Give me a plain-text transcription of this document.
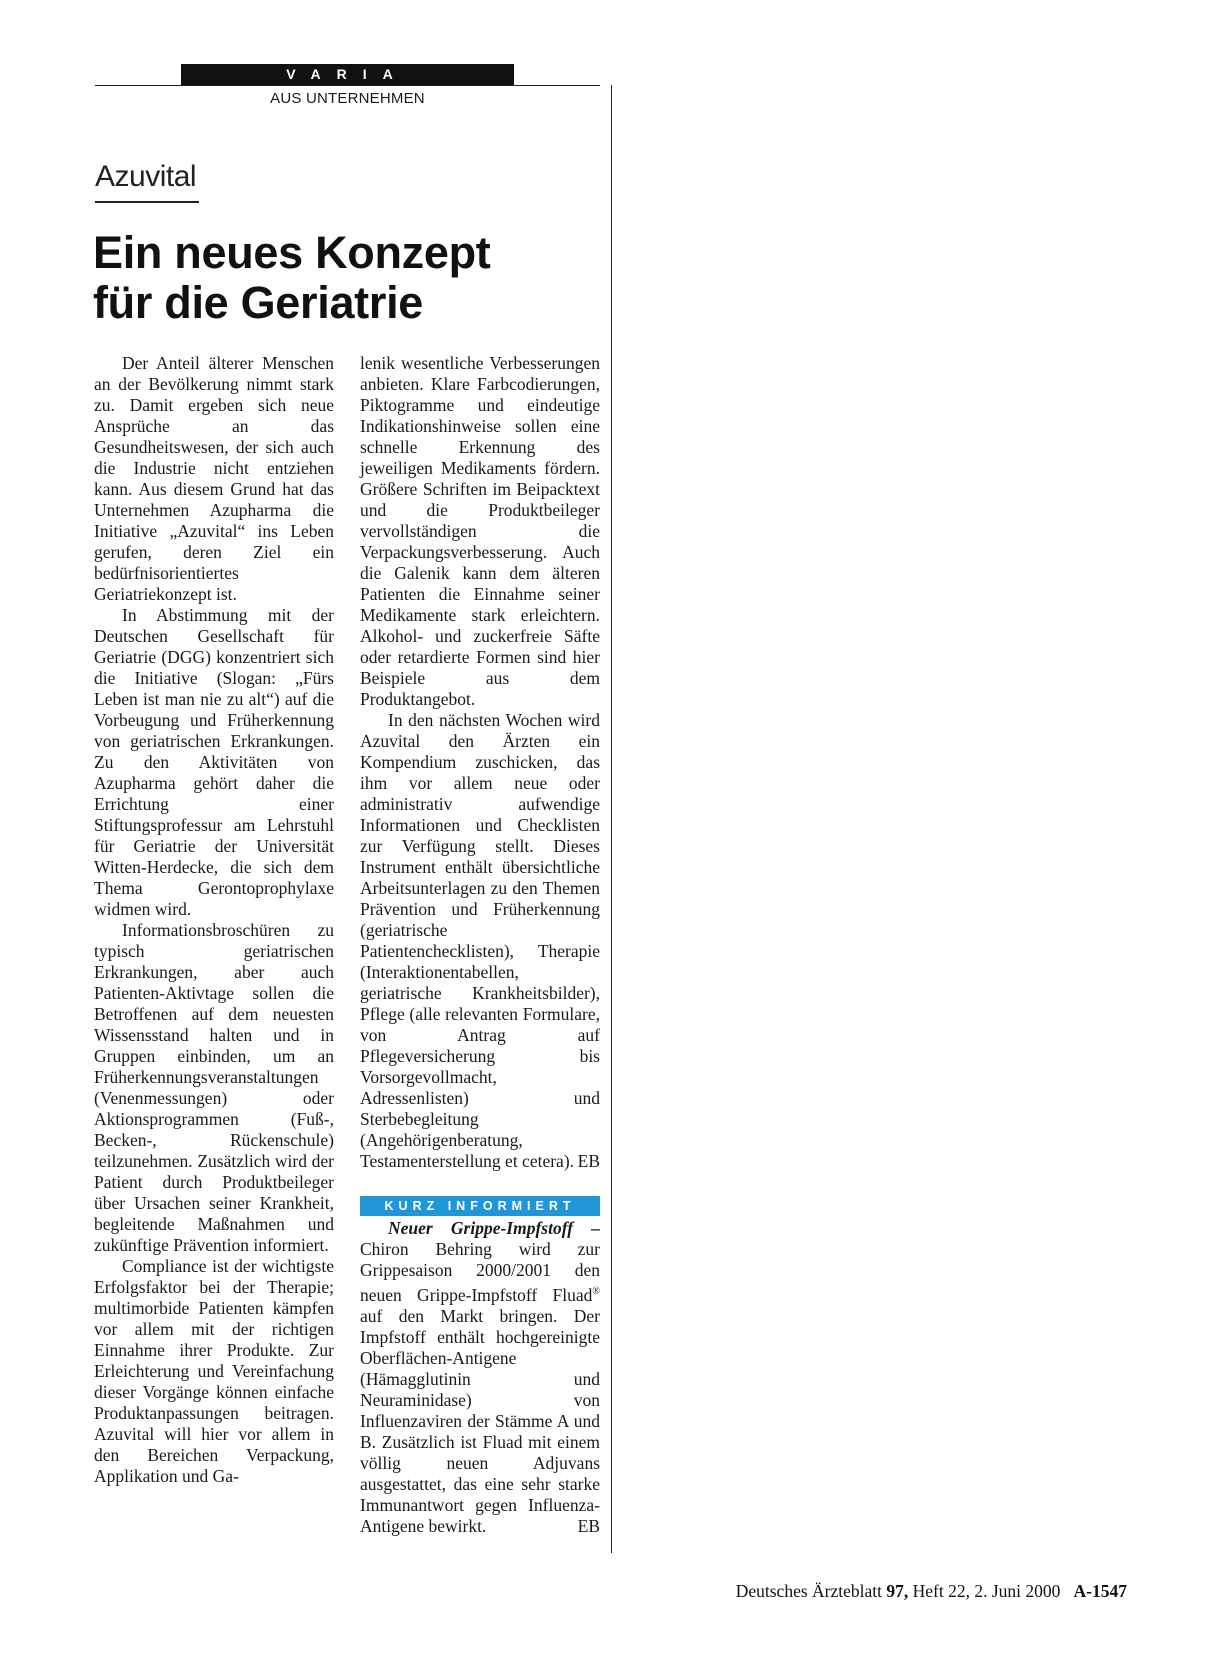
VARIA
AUS UNTERNEHMEN
Azuvital
Ein neues Konzept
für die Geriatrie

Der Anteil älterer Menschen an der Bevölkerung nimmt stark zu. Damit ergeben sich neue Ansprüche an das Gesundheitswesen, der sich auch die Industrie nicht entziehen kann. Aus diesem Grund hat das Unternehmen Azupharma die Initiative „Azuvital“ ins Leben gerufen, deren Ziel ein bedürfnisorientiertes Geriatriekonzept ist.

In Abstimmung mit der Deutschen Gesellschaft für Geriatrie (DGG) konzentriert sich die Initiative (Slogan: „Fürs Leben ist man nie zu alt“) auf die Vorbeugung und Früherkennung von geriatrischen Erkrankungen. Zu den Aktivitäten von Azupharma gehört daher die Errichtung einer Stiftungsprofessur am Lehrstuhl für Geriatrie der Universität Witten-Herdecke, die sich dem Thema Gerontoprophylaxe widmen wird.

Informationsbroschüren zu typisch geriatrischen Erkrankungen, aber auch Patienten-Aktivtage sollen die Betroffenen auf dem neuesten Wissensstand halten und in Gruppen einbinden, um an Früherkennungsveranstaltungen (Venenmessungen) oder Aktionsprogrammen (Fuß-, Becken-, Rückenschule) teilzunehmen. Zusätzlich wird der Patient durch Produktbeileger über Ursachen seiner Krankheit, begleitende Maßnahmen und zukünftige Prävention informiert.

Compliance ist der wichtigste Erfolgsfaktor bei der Therapie; multimorbide Patienten kämpfen vor allem mit der richtigen Einnahme ihrer Produkte. Zur Erleichterung und Vereinfachung dieser Vorgänge können einfache Produktanpassungen beitragen. Azuvital will hier vor allem in den Bereichen Verpackung, Applikation und Ga-

lenik wesentliche Verbesserungen anbieten. Klare Farbcodierungen, Piktogramme und eindeutige Indikationshinweise sollen eine schnelle Erkennung des jeweiligen Medikaments fördern. Größere Schriften im Beipacktext und die Produktbeileger vervollständigen die Verpackungsverbesserung. Auch die Galenik kann dem älteren Patienten die Einnahme seiner Medikamente stark erleichtern. Alkohol- und zuckerfreie Säfte oder retardierte Formen sind hier Beispiele aus dem Produktangebot.

In den nächsten Wochen wird Azuvital den Ärzten ein Kompendium zuschicken, das ihm vor allem neue oder administrativ aufwendige Informationen und Checklisten zur Verfügung stellt. Dieses Instrument enthält übersichtliche Arbeitsunterlagen zu den Themen Prävention und Früherkennung (geriatrische Patientenchecklisten), Therapie (Interaktionentabellen, geriatrische Krankheitsbilder), Pflege (alle relevanten Formulare, von Antrag auf Pflegeversicherung bis Vorsorgevollmacht, Adressenlisten) und Sterbebegleitung (Angehörigenberatung, Testamenterstellung et cetera). EB

KURZ INFORMIERT

Neuer Grippe-Impfstoff – Chiron Behring wird zur Grippesaison 2000/2001 den neuen Grippe-Impfstoff Fluad® auf den Markt bringen. Der Impfstoff enthält hochgereinigte Oberflächen-Antigene (Hämagglutinin und Neuraminidase) von Influenzaviren der Stämme A und B. Zusätzlich ist Fluad mit einem völlig neuen Adjuvans ausgestattet, das eine sehr starke Immunantwort gegen Influenza-Antigene bewirkt.	EB

Deutsches Ärzteblatt 97, Heft 22, 2. Juni 2000 A-1547
